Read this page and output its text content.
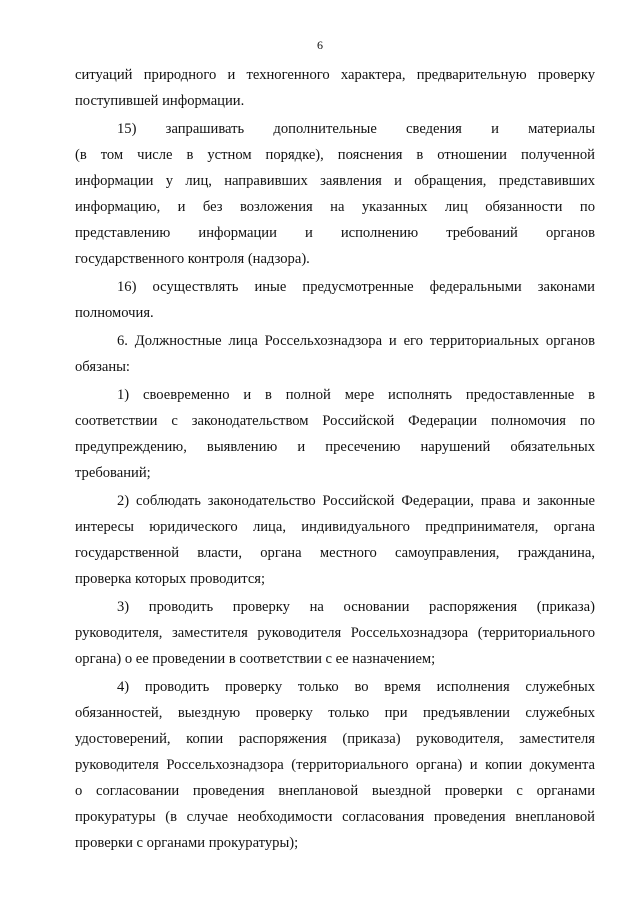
6

ситуаций природного и техногенного характера, предварительную проверку
поступившей информации.

15) запрашивать дополнительные сведения и материалы
(в том числе в устном порядке), пояснения в отношении полученной
информации у лиц, направивших заявления и обращения, представивших
информацию, и без возложения на указанных лиц обязанности по
представлению информации и исполнению требований органов
государственного контроля (надзора).

16) осуществлять иные предусмотренные федеральными законами
полномочия.

6. Должностные лица Россельхознадзора и его территориальных органов
обязаны:

1) своевременно и в полной мере исполнять предоставленные в
соответствии с законодательством Российской Федерации полномочия по
предупреждению, выявлению и пресечению нарушений обязательных
требований;

2) соблюдать законодательство Российской Федерации, права и законные
интересы юридического лица, индивидуального предпринимателя, органа
государственной власти, органа местного самоуправления, гражданина,
проверка которых проводится;

3) проводить проверку на основании распоряжения (приказа)
руководителя, заместителя руководителя Россельхознадзора (территориального
органа) о ее проведении в соответствии с ее назначением;

4) проводить проверку только во время исполнения служебных
обязанностей, выездную проверку только при предъявлении служебных
удостоверений, копии распоряжения (приказа) руководителя, заместителя
руководителя Россельхознадзора (территориального органа) и копии документа
о согласовании проведения внеплановой выездной проверки с органами
прокуратуры (в случае необходимости согласования проведения внеплановой
проверки с органами прокуратуры);
